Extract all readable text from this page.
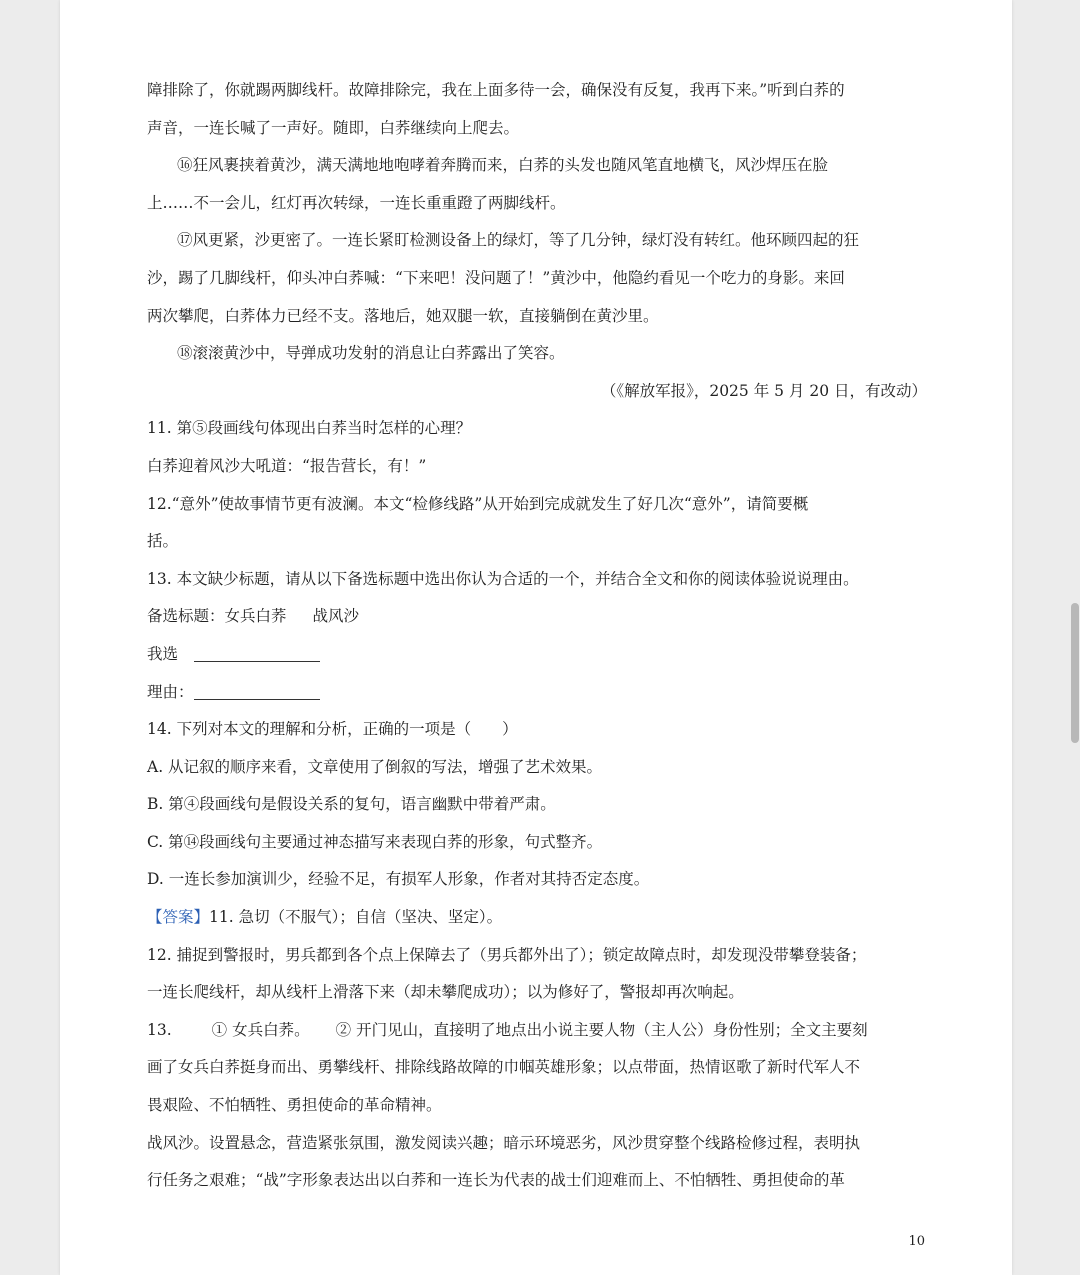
障排除了，你就踢两脚线杆。故障排除完，我在上面多待一会，确保没有反复，我再下来。”听到白荞的
声音，一连长喊了一声好。随即，白荞继续向上爬去。
⑯狂风裹挟着黄沙，满天满地地咆哮着奔腾而来，白荞的头发也随风笔直地横飞，风沙焊压在脸
上……不一会儿，红灯再次转绿，一连长重重蹬了两脚线杆。
⑰风更紧，沙更密了。一连长紧盯检测设备上的绿灯，等了几分钟，绿灯没有转红。他环顾四起的狂
沙，踢了几脚线杆，仰头冲白荞喊：“下来吧！没问题了！”黄沙中，他隐约看见一个吃力的身影。来回
两次攀爬，白荞体力已经不支。落地后，她双腿一软，直接躺倒在黄沙里。
⑱滚滚黄沙中，导弹成功发射的消息让白荞露出了笑容。
（《解放军报》，2025 年 5 月 20 日，有改动）
11. 第⑤段画线句体现出白荞当时怎样的心理？
白荞迎着风沙大吼道：“报告营长，有！”
12.“意外”使故事情节更有波澜。本文“检修线路”从开始到完成就发生了好几次“意外”，请简要概
括。
13. 本文缺少标题，请从以下备选标题中选出你认为合适的一个，并结合全文和你的阅读体验说说理由。
备选标题：女兵白荞 战风沙
我选
理由：
14. 下列对本文的理解和分析，正确的一项是（　　）
A. 从记叙的顺序来看，文章使用了倒叙的写法，增强了艺术效果。
B. 第④段画线句是假设关系的复句，语言幽默中带着严肃。
C. 第⑭段画线句主要通过神态描写来表现白荞的形象，句式整齐。
D. 一连长参加演训少，经验不足，有损军人形象，作者对其持否定态度。
【答案】11. 急切（不服气）；自信（坚决、坚定）。
12. 捕捉到警报时，男兵都到各个点上保障去了（男兵都外出了）；锁定故障点时，却发现没带攀登装备；
一连长爬线杆，却从线杆上滑落下来（却未攀爬成功）；以为修好了，警报却再次响起。
13.	① 女兵白荞。 ② 开门见山，直接明了地点出小说主要人物（主人公）身份性别；全文主要刻
画了女兵白荞挺身而出、勇攀线杆、排除线路故障的巾帼英雄形象；以点带面，热情讴歌了新时代军人不
畏艰险、不怕牺牲、勇担使命的革命精神。
战风沙。设置悬念，营造紧张氛围，激发阅读兴趣；暗示环境恶劣，风沙贯穿整个线路检修过程，表明执
行任务之艰难；“战”字形象表达出以白荞和一连长为代表的战士们迎难而上、不怕牺牲、勇担使命的革
10
